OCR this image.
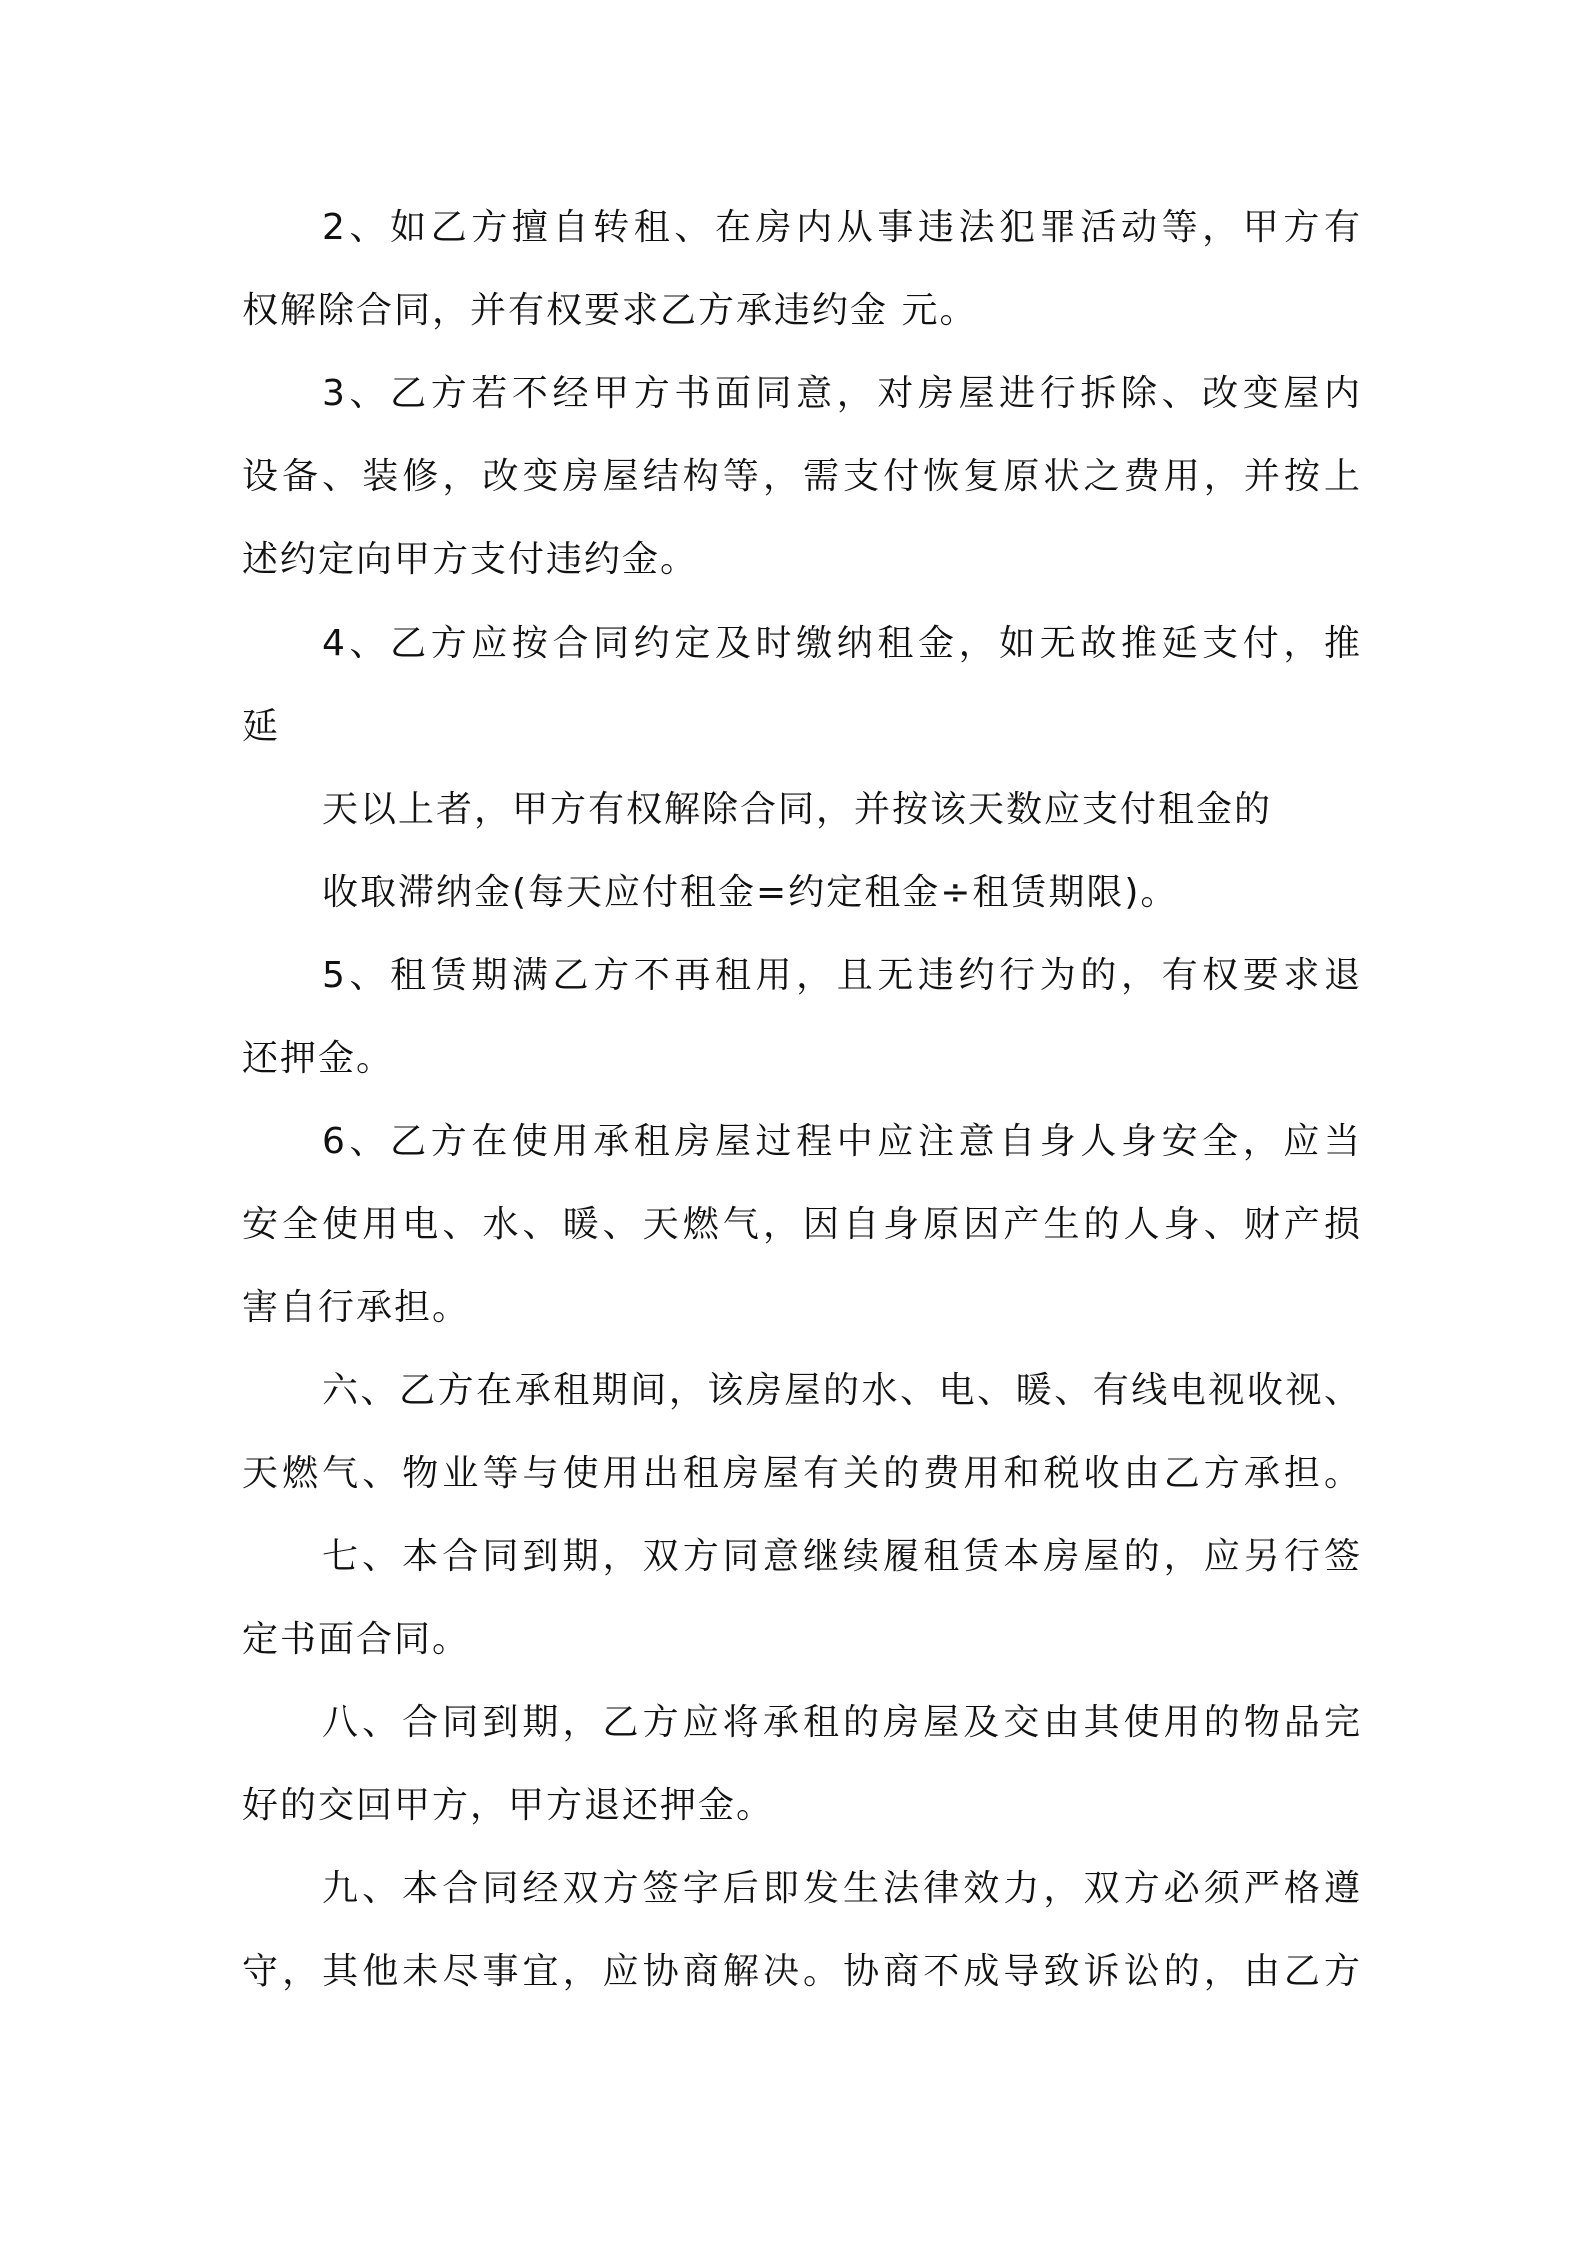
2、如乙方擅自转租、在房内从事违法犯罪活动等，甲方有
权解除合同，并有权要求乙方承违约金 元。
3、乙方若不经甲方书面同意，对房屋进行拆除、改变屋内
设备、装修，改变房屋结构等，需支付恢复原状之费用，并按上
述约定向甲方支付违约金。
4、乙方应按合同约定及时缴纳租金，如无故推延支付，推
延
天以上者，甲方有权解除合同，并按该天数应支付租金的
收取滞纳金(每天应付租金=约定租金÷租赁期限)。
5、租赁期满乙方不再租用，且无违约行为的，有权要求退
还押金。
6、乙方在使用承租房屋过程中应注意自身人身安全，应当
安全使用电、水、暖、天燃气，因自身原因产生的人身、财产损
害自行承担。
六、乙方在承租期间，该房屋的水、电、暖、有线电视收视、
天燃气、物业等与使用出租房屋有关的费用和税收由乙方承担。
七、本合同到期，双方同意继续履租赁本房屋的，应另行签
定书面合同。
八、合同到期，乙方应将承租的房屋及交由其使用的物品完
好的交回甲方，甲方退还押金。
九、本合同经双方签字后即发生法律效力，双方必须严格遵
守，其他未尽事宜，应协商解决。协商不成导致诉讼的，由乙方
